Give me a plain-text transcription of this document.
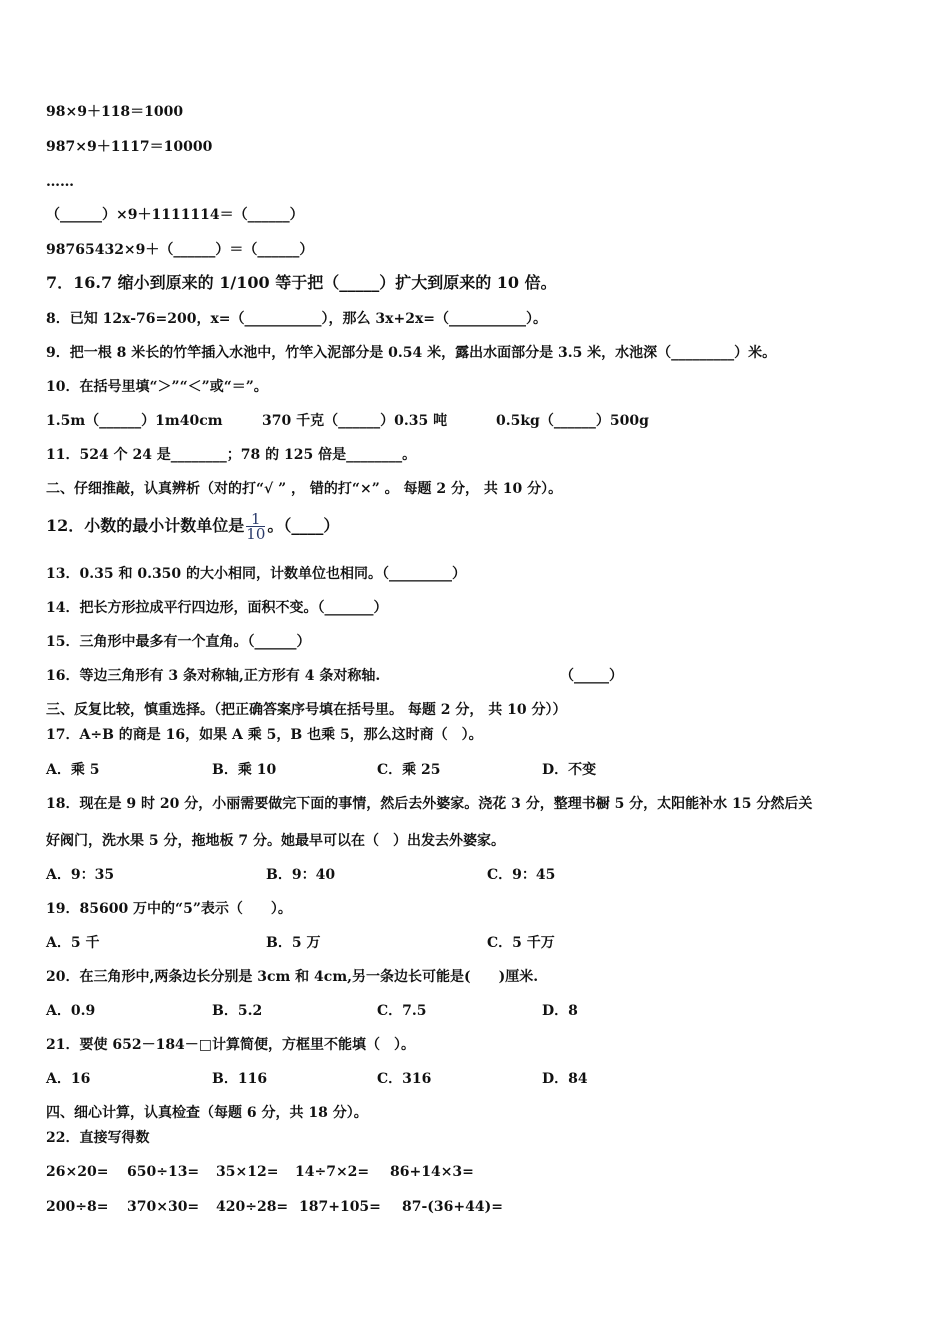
98×9＋118＝1000
987×9＋1117＝10000
……
（______）×9＋1111114＝（______）
98765432×9＋（______）＝（______）
7．16.7 缩小到原来的 1/100 等于把（_____）扩大到原来的 10 倍。
8．已知 12x-76=200，x=（___________），那么 3x+2x=（___________）。
9．把一根 8 米长的竹竿插入水池中，竹竿入泥部分是 0.54 米，露出水面部分是 3.5 米，水池深（_________）米。
10．在括号里填“＞”“＜”或“＝”。
1.5m（______）1m40cm	370 千克（______）0.35 吨	0.5kg（______）500g
11．524 个 24 是________；78 的 125 倍是________。
二、仔细推敲，认真辨析（对的打“√ ” ， 错的打“×” 。 每题 2 分， 共 10 分）。
12．小数的最小计数单位是 $\frac{1}{10}$ 。（____）
13．0.35 和 0.350 的大小相同，计数单位也相同。（_________）
14．把长方形拉成平行四边形，面积不变。（_______）
15．三角形中最多有一个直角。（______）
16．等边三角形有 3 条对称轴,正方形有 4 条对称轴.	（_____）
三、反复比较，慎重选择。（把正确答案序号填在括号里。 每题 2 分， 共 10 分））
17．A÷B 的商是 16，如果 A 乘 5，B 也乘 5，那么这时商（　）。
A．乘 5	B．乘 10	C．乘 25	D．不变
18．现在是 9 时 20 分，小丽需要做完下面的事情，然后去外婆家。浇花 3 分，整理书橱 5 分，太阳能补水 15 分然后关
好阀门，洗水果 5 分，拖地板 7 分。她最早可以在（　）出发去外婆家。
A．9：35	B．9：40	C．9：45
19．85600 万中的“5”表示（　　）。
A．5 千	B．5 万	C．5 千万
20．在三角形中,两条边长分别是 3cm 和 4cm,另一条边长可能是(　　)厘米.
A．0.9	B．5.2	C．7.5	D．8
21．要使 652－184－□计算简便，方框里不能填（　）。
A．16	B．116	C．316	D．84
四、细心计算，认真检查（每题 6 分，共 18 分）。
22．直接写得数
26×20= 650÷13= 35×12= 14÷7×2= 86+14×3=
200÷8= 370×30= 420÷28= 187+105= 87-(36+44)=
